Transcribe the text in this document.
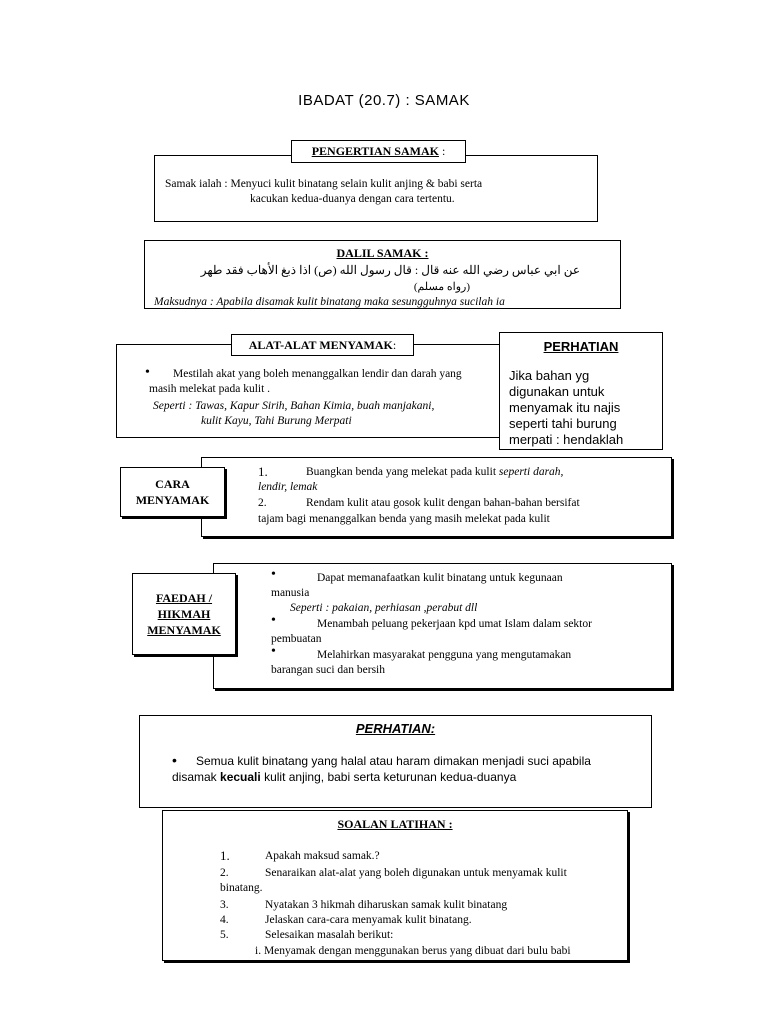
IBADAT (20.7) : SAMAK
Samak ialah : Menyuci kulit binatang selain kulit anjing & babi serta
kacukan kedua-duanya dengan cara tertentu.
PENGERTIAN SAMAK :
DALIL SAMAK :
عن ابي عباس رضي الله عنه قال : قال رسول الله (ص) اذا ذبغ الأهاب فقد طهر
(رواه مسلم)
Maksudnya : Apabila disamak kulit binatang maka sesungguhnya sucilah ia
• Mestilah akat yang boleh menanggalkan lendir dan darah yang
masih melekat pada kulit .
Seperti : Tawas, Kapur Sirih, Bahan Kimia, buah manjakani,
kulit Kayu, Tahi Burung Merpati
ALAT-ALAT MENYAMAK:	PERHATIAN
Jika bahan yg
digunakan untuk
menyamak itu najis
seperti tahi burung
merpati : hendaklah
1.	Buangkan benda yang melekat pada kulit seperti darah,
lendir, lemak
2.	Rendam kulit atau gosok kulit dengan bahan-bahan bersifat
tajam bagi menanggalkan benda yang masih melekat pada kulit
CARA MENYAMAK
•	Dapat memanafaatkan kulit binatang untuk kegunaan
manusia
Seperti : pakaian, perhiasan ,perabut dll
•	Menambah peluang pekerjaan kpd umat Islam dalam sektor
pembuatan
•	Melahirkan masyarakat pengguna yang mengutamakan
barangan suci dan bersih
FAEDAH / HIKMAH MENYAMAK
PERHATIAN:
• Semua kulit binatang yang halal atau haram dimakan menjadi suci apabila
disamak kecuali kulit anjing, babi serta keturunan kedua-duanya
SOALAN LATIHAN :
1.	Apakah maksud samak.?
2.	Senaraikan alat-alat yang boleh digunakan untuk menyamak kulit
binatang.
3.	Nyatakan 3 hikmah diharuskan samak kulit binatang
4.	Jelaskan cara-cara menyamak kulit binatang.
5.	Selesaikan masalah berikut:
i. Menyamak dengan menggunakan berus yang dibuat dari bulu babi
